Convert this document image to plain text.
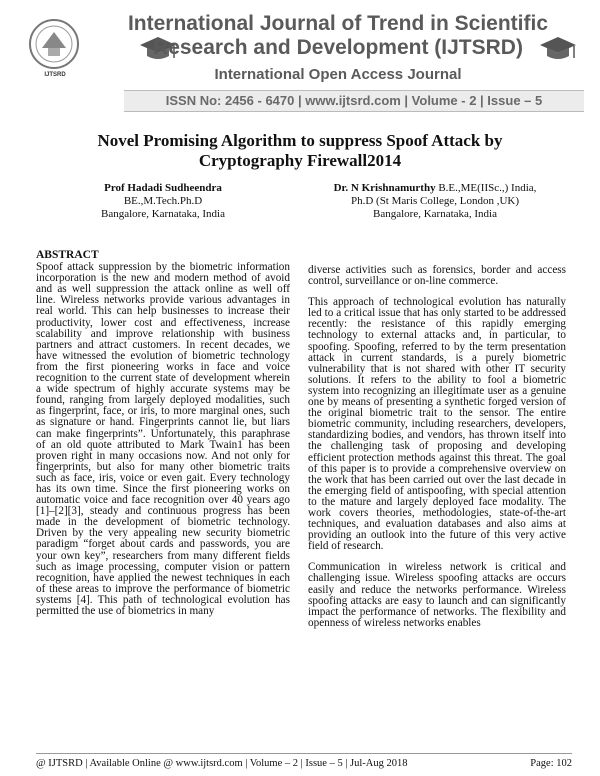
IJTSRD
International Journal of Trend in Scientific
Research and Development (IJTSRD)
International Open Access Journal
ISSN No: 2456 - 6470 | www.ijtsrd.com | Volume - 2 | Issue – 5
Novel Promising Algorithm to suppress Spoof Attack by
Cryptography Firewall2014
Prof Hadadi Sudheendra
BE.,M.Tech.Ph.D
Bangalore, Karnataka, India
Dr. N Krishnamurthy B.E.,ME(IISc.,) India,
Ph.D (St Maris College, London ,UK)
Bangalore, Karnataka, India
ABSTRACT

Spoof attack suppression by the biometric information incorporation is the new and modern method of avoid and as well suppression the attack online as well off line. Wireless networks provide various advantages in real world. This can help businesses to increase their productivity, lower cost and effectiveness, increase scalability and improve relationship with business partners and attract customers. In recent decades, we have witnessed the evolution of biometric technology from the first pioneering works in face and voice recognition to the current state of development wherein a wide spectrum of highly accurate systems may be found, ranging from largely deployed modalities, such as fingerprint, face, or iris, to more marginal ones, such as signature or hand. Fingerprints cannot lie, but liars can make fingerprints”. Unfortunately, this paraphrase of an old quote attributed to Mark Twain1 has been proven right in many occasions now. And not only for fingerprints, but also for many other biometric traits such as face, iris, voice or even gait. Every technology has its own time. Since the first pioneering works on automatic voice and face recognition over 40 years ago [1]–[2][3], steady and continuous progress has been made in the development of biometric technology. Driven by the very appealing new security biometric paradigm “forget about cards and passwords, you are your own key”, researchers from many different fields such as image processing, computer vision or pattern recognition, have applied the newest techniques in each of these areas to improve the performance of biometric systems [4]. This path of technological evolution has permitted the use of biometrics in many

diverse activities such as forensics, border and access control, surveillance or on-line commerce.

This approach of technological evolution has naturally led to a critical issue that has only started to be addressed recently: the resistance of this rapidly emerging technology to external attacks and, in particular, to spoofing. Spoofing, referred to by the term presentation attack in current standards, is a purely biometric vulnerability that is not shared with other IT security solutions. It refers to the ability to fool a biometric system into recognizing an illegitimate user as a genuine one by means of presenting a synthetic forged version of the original biometric trait to the sensor. The entire biometric community, including researchers, developers, standardizing bodies, and vendors, has thrown itself into the challenging task of proposing and developing efficient protection methods against this threat. The goal of this paper is to provide a comprehensive overview on the work that has been carried out over the last decade in the emerging field of antispoofing, with special attention to the mature and largely deployed face modality. The work covers theories, methodologies, state-of-the-art techniques, and evaluation databases and also aims at providing an outlook into the future of this very active field of research.

Communication in wireless network is critical and challenging issue. Wireless spoofing attacks are occurs easily and reduce the networks performance. Wireless spoofing attacks are easy to launch and can significantly impact the performance of networks. The flexibility and openness of wireless networks enables

@ IJTSRD | Available Online @ www.ijtsrd.com | Volume – 2 | Issue – 5 | Jul-Aug 2018	Page: 102
